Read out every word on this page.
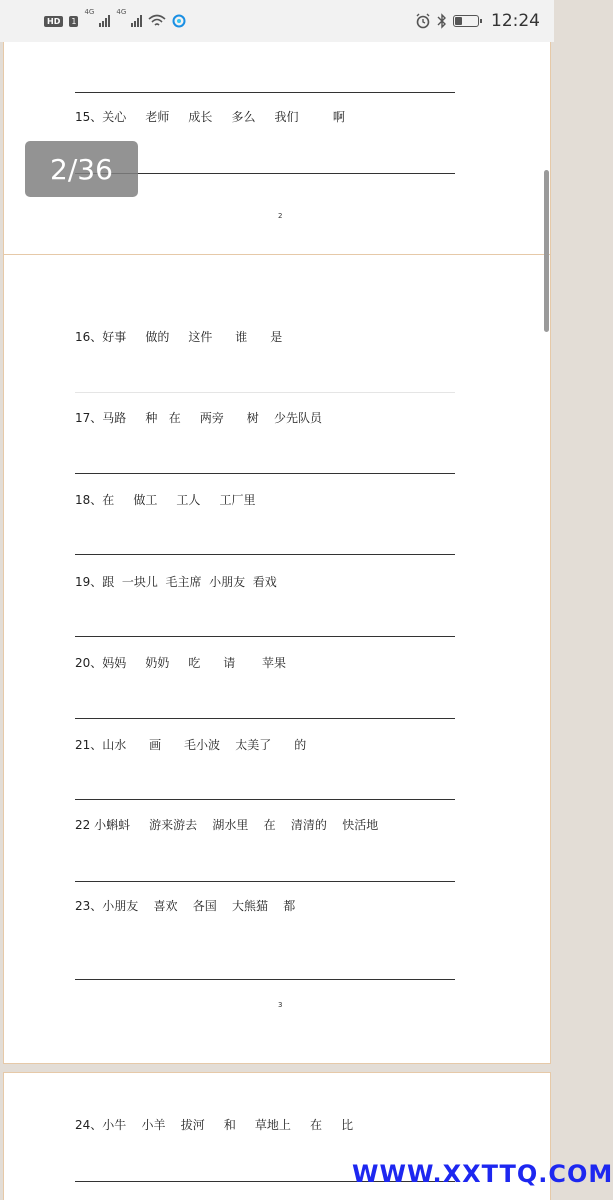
HD	1
$^{4G}$	$^{4G}$	12:24
15、关心     老师     成长     多么     我们         啊
2
16、好事     做的     这件      谁      是
17、马路     种   在     两旁      树    少先队员
18、在     做工     工人     工厂里
19、跟  一块儿  毛主席  小朋友  看戏
20、妈妈     奶奶     吃      请       苹果
21、山水      画      毛小波    太美了      的
22 小蝌蚪     游来游去    湖水里    在    清清的    快活地
23、小朋友    喜欢    各国    大熊猫    都
3
24、小牛    小羊    拔河     和     草地上     在     比
2/36
WWW.XXTTQ.COM
